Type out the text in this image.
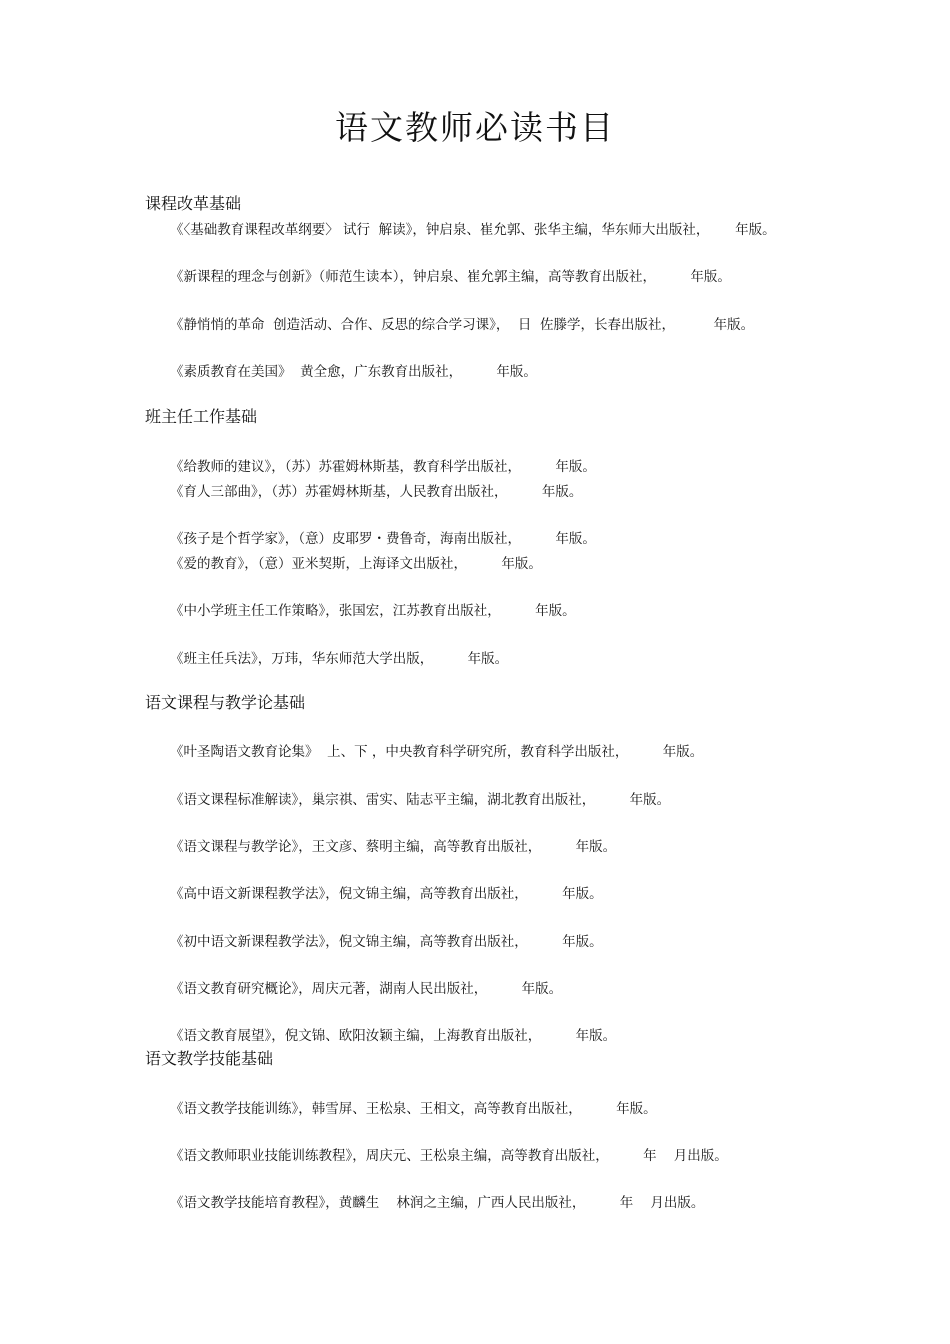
语文教师必读书目
课程改革基础

《〈基础教育课程改革纲要〉 试行  解读》，钟启泉、崔允郭、张华主编，华东师大出版社，      年版。

《新课程的理念与创新》（师范生读本），钟启泉、崔允郭主编，高等教育出版社，        年版。

《静悄悄的革命  创造活动、合作、反思的综合学习课》，  日  佐滕学，长春出版社，         年版。

《素质教育在美国》  黄全愈，广东教育出版社，        年版。

班主任工作基础

《给教师的建议》，（苏）苏霍姆林斯基，教育科学出版社，        年版。

《育人三部曲》，（苏）苏霍姆林斯基，人民教育出版社，        年版。

《孩子是个哲学家》，（意）皮耶罗・费鲁奇，海南出版社，        年版。

《爱的教育》，（意）亚米契斯，上海译文出版社，        年版。

《中小学班主任工作策略》，张国宏，江苏教育出版社，        年版。

《班主任兵法》，万玮，华东师范大学出版，        年版。

语文课程与教学论基础

《叶圣陶语文教育论集》  上、下 ，中央教育科学研究所，教育科学出版社，        年版。

《语文课程标准解读》，巢宗祺、雷实、陆志平主编，湖北教育出版社，        年版。

《语文课程与教学论》，王文彦、蔡明主编，高等教育出版社，        年版。

《高中语文新课程教学法》，倪文锦主编，高等教育出版社，        年版。

《初中语文新课程教学法》，倪文锦主编，高等教育出版社，        年版。

《语文教育研究概论》，周庆元著，湖南人民出版社，        年版。

《语文教育展望》，倪文锦、欧阳汝颖主编，上海教育出版社，        年版。

语文教学技能基础

《语文教学技能训练》，韩雪屏、王松泉、王相文，高等教育出版社，        年版。

《语文教师职业技能训练教程》，周庆元、王松泉主编，高等教育出版社，        年    月出版。

《语文教学技能培育教程》，黄麟生    林润之主编，广西人民出版社，        年    月出版。
